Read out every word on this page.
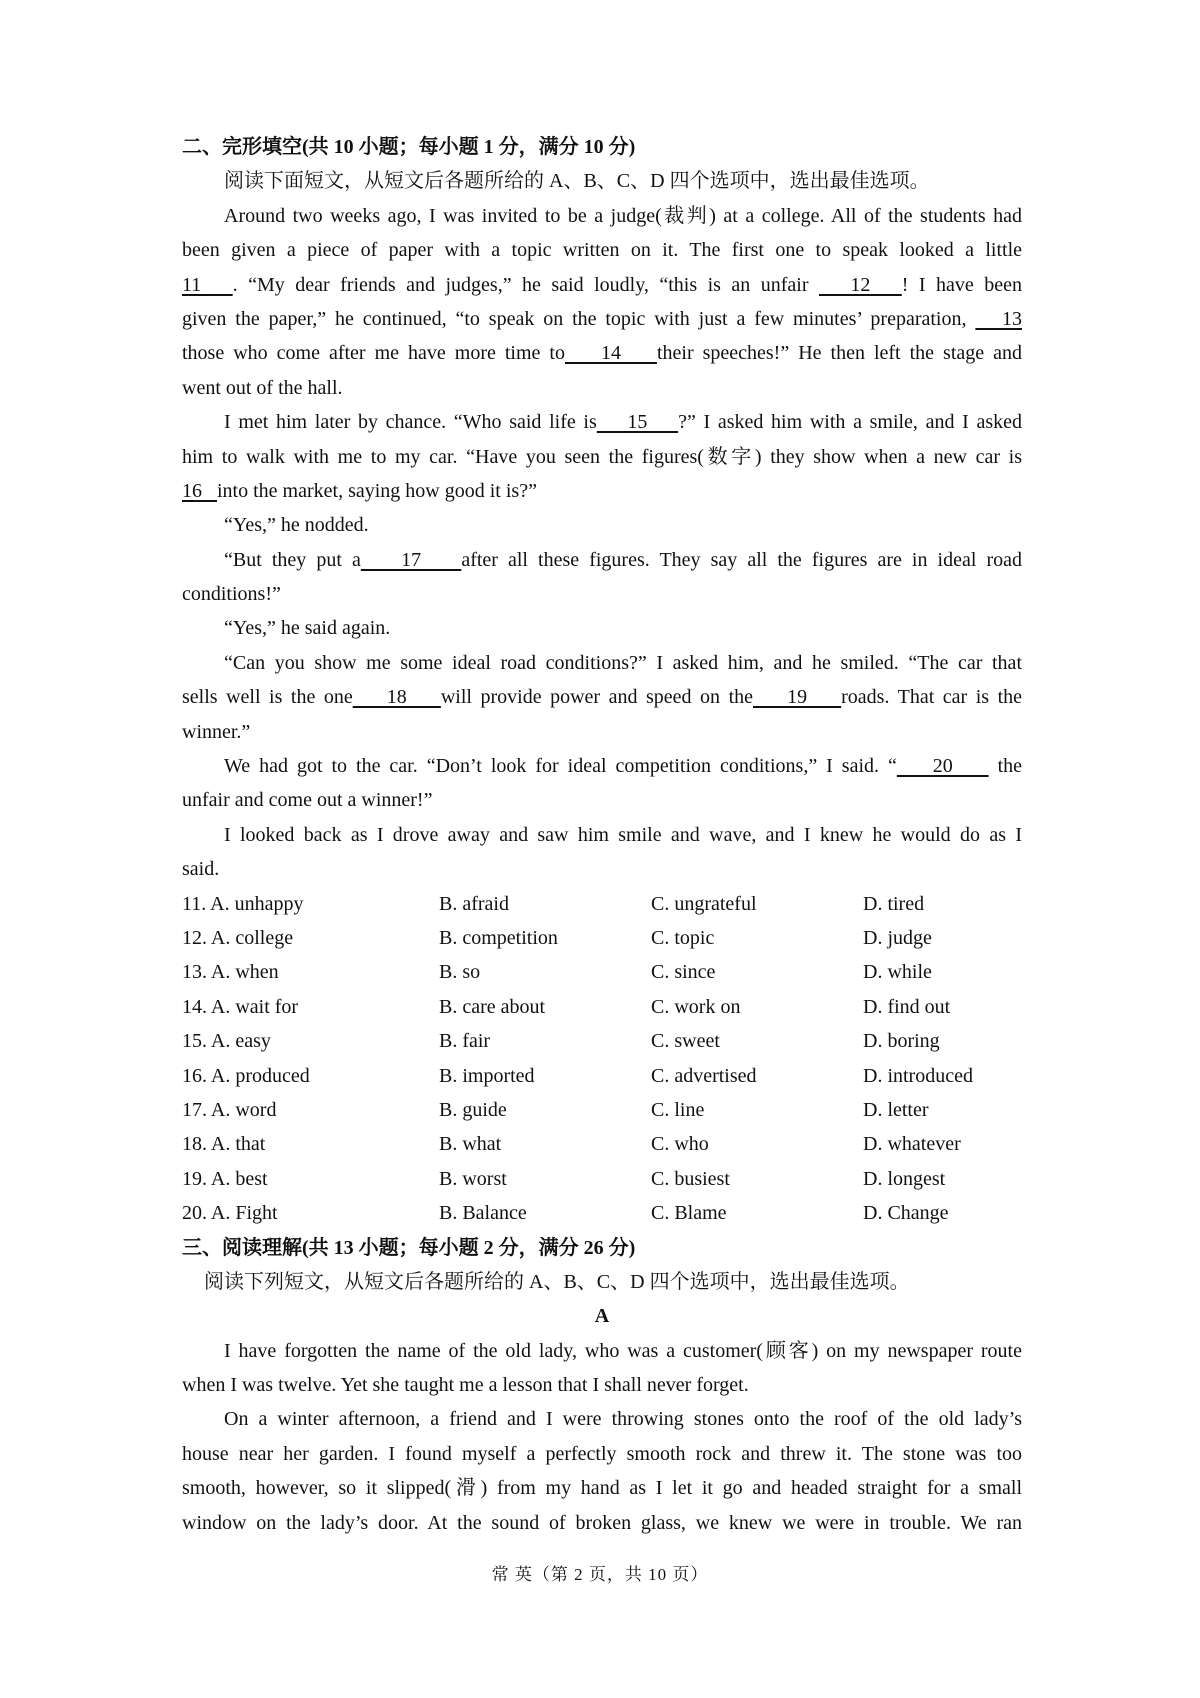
二、完形填空(共 10 小题；每小题 1 分，满分 10 分)
阅读下面短文，从短文后各题所给的 A、B、C、D 四个选项中，选出最佳选项。
Around two weeks ago, I was invited to be a judge(裁判) at a college. All of the students had
been given a piece of paper with a topic written on it. The first one to speak looked a little
11   . “My dear friends and judges,” he said loudly, “this is an unfair    12   ! I have been
given the paper,” he continued, “to speak on the topic with just a few minutes’ preparation,    13
those who come after me have more time to    14    their speeches!” He then left the stage and
went out of the hall.
I met him later by chance. “Who said life is    15    ?” I asked him with a smile, and I asked
him to walk with me to my car. “Have you seen the figures(数字) they show when a new car is
16   into the market, saying how good it is?”
“Yes,” he nodded.
“But they put a    17    after all these figures. They say all the figures are in ideal road
conditions!”
“Yes,” he said again.
“Can you show me some ideal road conditions?” I asked him, and he smiled. “The car that
sells well is the one    18    will provide power and speed on the    19    roads. That car is the
winner.”
We had got to the car. “Don’t look for ideal competition conditions,” I said. “    20     the
unfair and come out a winner!”
I looked back as I drove away and saw him smile and wave, and I knew he would do as I
said.
11. A. unhappy	B. afraid	C. ungrateful	D. tired
12. A. college	B. competition	C. topic	D. judge
13. A. when	B. so	C. since	D. while
14. A. wait for	B. care about	C. work on	D. find out
15. A. easy	B. fair	C. sweet	D. boring
16. A. produced	B. imported	C. advertised	D. introduced
17. A. word	B. guide	C. line	D. letter
18. A. that	B. what	C. who	D. whatever
19. A. best	B. worst	C. busiest	D. longest
20. A. Fight	B. Balance	C. Blame	D. Change
三、阅读理解(共 13 小题；每小题 2 分，满分 26 分)
阅读下列短文，从短文后各题所给的 A、B、C、D 四个选项中，选出最佳选项。
A
I have forgotten the name of the old lady, who was a customer(顾客) on my newspaper route
when I was twelve. Yet she taught me a lesson that I shall never forget.
On a winter afternoon, a friend and I were throwing stones onto the roof of the old lady’s
house near her garden. I found myself a perfectly smooth rock and threw it. The stone was too
smooth, however, so it slipped(滑) from my hand as I let it go and headed straight for a small
window on the lady’s door. At the sound of broken glass, we knew we were in trouble. We ran
常 英（第 2 页，共 10 页）
